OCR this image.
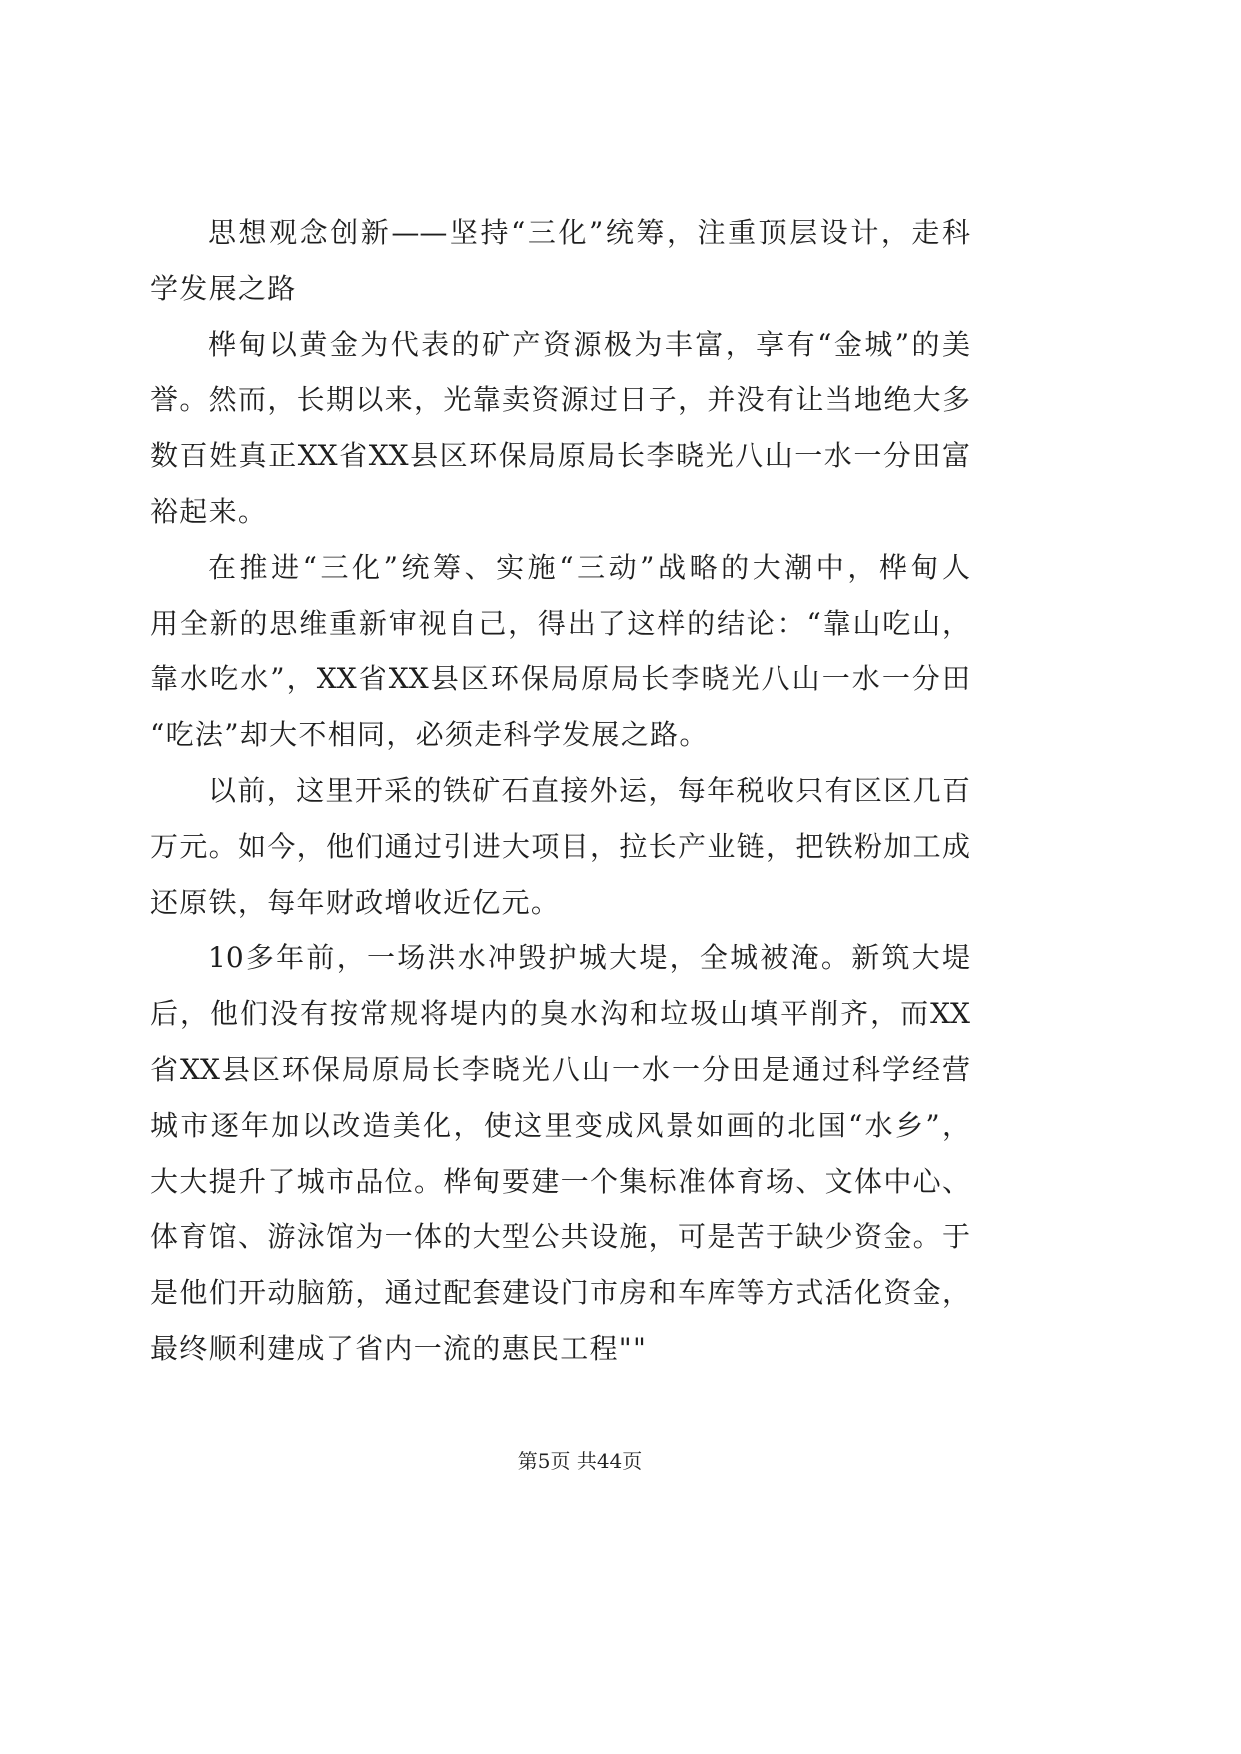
思想观念创新——坚持“三化”统筹，注重顶层设计，走科
学发展之路
桦甸以黄金为代表的矿产资源极为丰富，享有“金城”的美
誉。然而，长期以来，光靠卖资源过日子，并没有让当地绝大多
数百姓真正XX省XX县区环保局原局长李晓光八山一水一分田富
裕起来。
在推进“三化”统筹、实施“三动”战略的大潮中，桦甸人
用全新的思维重新审视自己，得出了这样的结论：“靠山吃山，
靠水吃水”，XX省XX县区环保局原局长李晓光八山一水一分田
“吃法”却大不相同，必须走科学发展之路。
以前，这里开采的铁矿石直接外运，每年税收只有区区几百
万元。如今，他们通过引进大项目，拉长产业链，把铁粉加工成
还原铁，每年财政增收近亿元。
10多年前，一场洪水冲毁护城大堤，全城被淹。新筑大堤
后，他们没有按常规将堤内的臭水沟和垃圾山填平削齐，而XX
省XX县区环保局原局长李晓光八山一水一分田是通过科学经营
城市逐年加以改造美化，使这里变成风景如画的北国“水乡”，
大大提升了城市品位。桦甸要建一个集标准体育场、文体中心、
体育馆、游泳馆为一体的大型公共设施，可是苦于缺少资金。于
是他们开动脑筋，通过配套建设门市房和车库等方式活化资金，
最终顺利建成了省内一流的惠民工程""
第5页 共44页
